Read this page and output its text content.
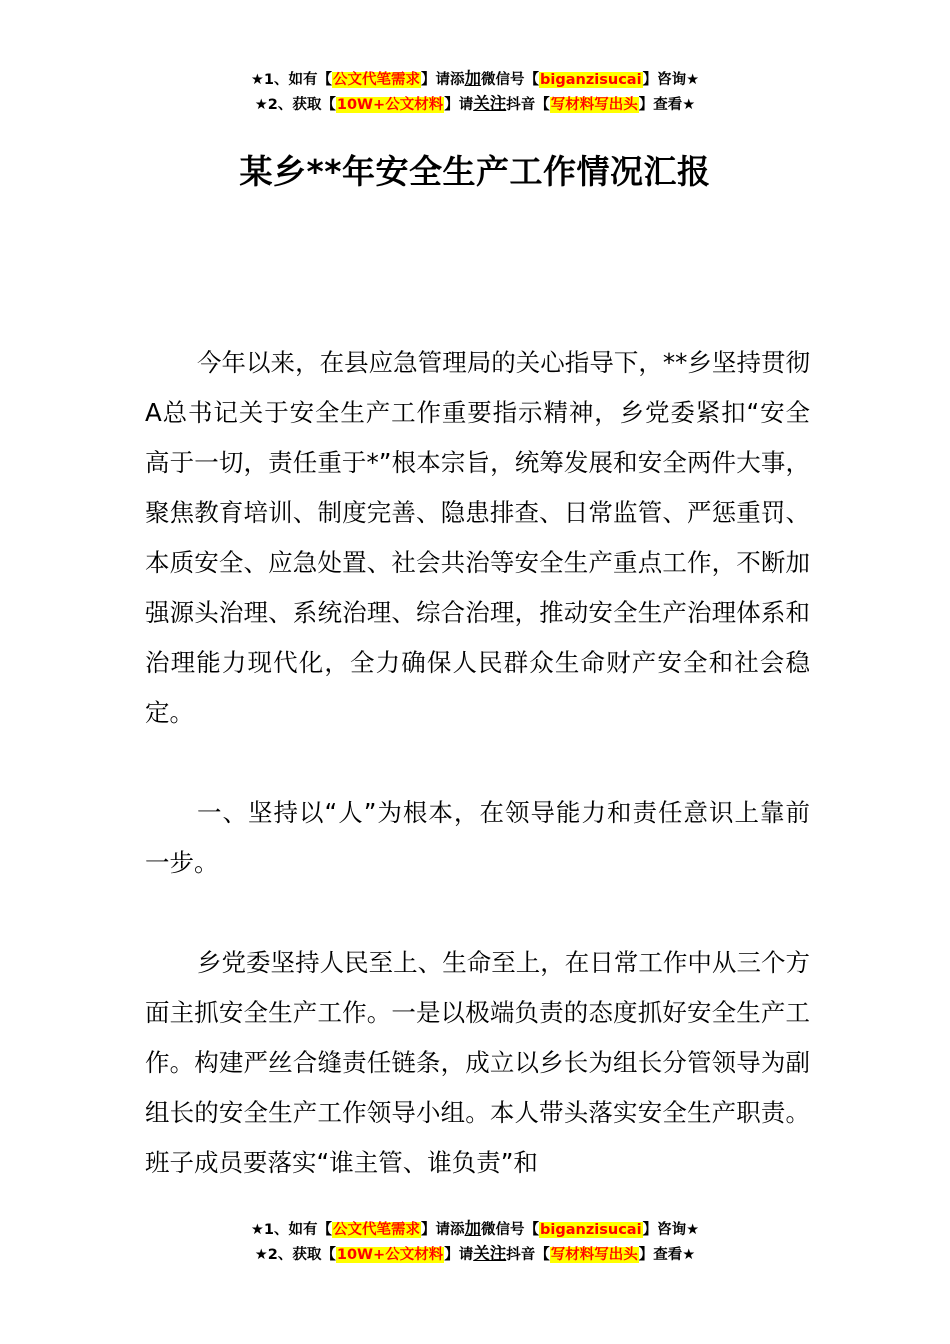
★1、如有【公文代笔需求】请添加微信号【biganzisucai】咨询★
★2、获取【10W+公文材料】请关注抖音【写材料写出头】查看★
某乡**年安全生产工作情况汇报

今年以来，在县应急管理局的关心指导下，**乡坚持贯彻A总书记关于安全生产工作重要指示精神，乡党委紧扣“安全高于一切，责任重于*”根本宗旨，统筹发展和安全两件大事，聚焦教育培训、制度完善、隐患排查、日常监管、严惩重罚、本质安全、应急处置、社会共治等安全生产重点工作，不断加强源头治理、系统治理、综合治理，推动安全生产治理体系和治理能力现代化，全力确保人民群众生命财产安全和社会稳定。

一、坚持以“人”为根本，在领导能力和责任意识上靠前一步。

乡党委坚持人民至上、生命至上，在日常工作中从三个方面主抓安全生产工作。一是以极端负责的态度抓好安全生产工作。构建严丝合缝责任链条，成立以乡长为组长分管领导为副组长的安全生产工作领导小组。本人带头落实安全生产职责。班子成员要落实“谁主管、谁负责”和

★1、如有【公文代笔需求】请添加微信号【biganzisucai】咨询★
★2、获取【10W+公文材料】请关注抖音【写材料写出头】查看★
